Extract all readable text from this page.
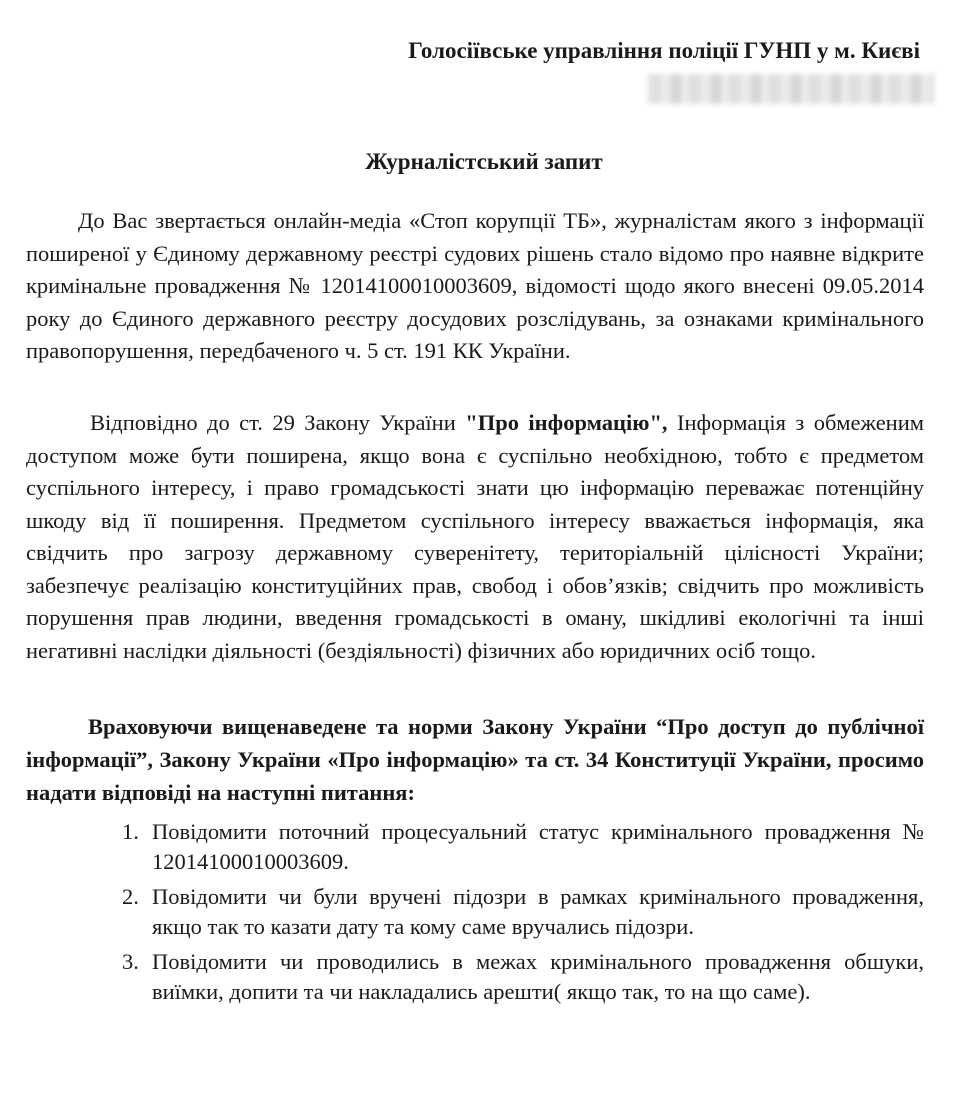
Голосіївське управління поліції ГУНП у м. Києві
Журналістський запит

До Вас звертається онлайн-медіа «Стоп корупції ТБ», журналістам якого з інформації поширеної у Єдиному державному реєстрі судових рішень стало відомо про наявне відкрите кримінальне провадження № 12014100010003609, відомості щодо якого внесені 09.05.2014 року до Єдиного державного реєстру досудових розслідувань, за ознаками кримінального правопорушення, передбаченого ч. 5 ст. 191 КК України.

Відповідно до ст. 29 Закону України "Про інформацію", Інформація з обмеженим доступом може бути поширена, якщо вона є суспільно необхідною, тобто є предметом суспільного інтересу, і право громадськості знати цю інформацію переважає потенційну шкоду від її поширення. Предметом суспільного інтересу вважається інформація, яка свідчить про загрозу державному суверенітету, територіальній цілісності України; забезпечує реалізацію конституційних прав, свобод і обов’язків; свідчить про можливість порушення прав людини, введення громадськості в оману, шкідливі екологічні та інші негативні наслідки діяльності (бездіяльності) фізичних або юридичних осіб тощо.

Враховуючи вищенаведене та норми Закону України “Про доступ до публічної інформації”, Закону України «Про інформацію» та ст. 34 Конституції України, просимо надати відповіді на наступні питання:

1. Повідомити поточний процесуальний статус кримінального провадження № 12014100010003609.
2. Повідомити чи були вручені підозри в рамках кримінального провадження, якщо так то казати дату та кому саме вручались підозри.
3. Повідомити чи проводились в межах кримінального провадження обшуки, виїмки, допити та чи накладались арешти( якщо так, то на що саме).
